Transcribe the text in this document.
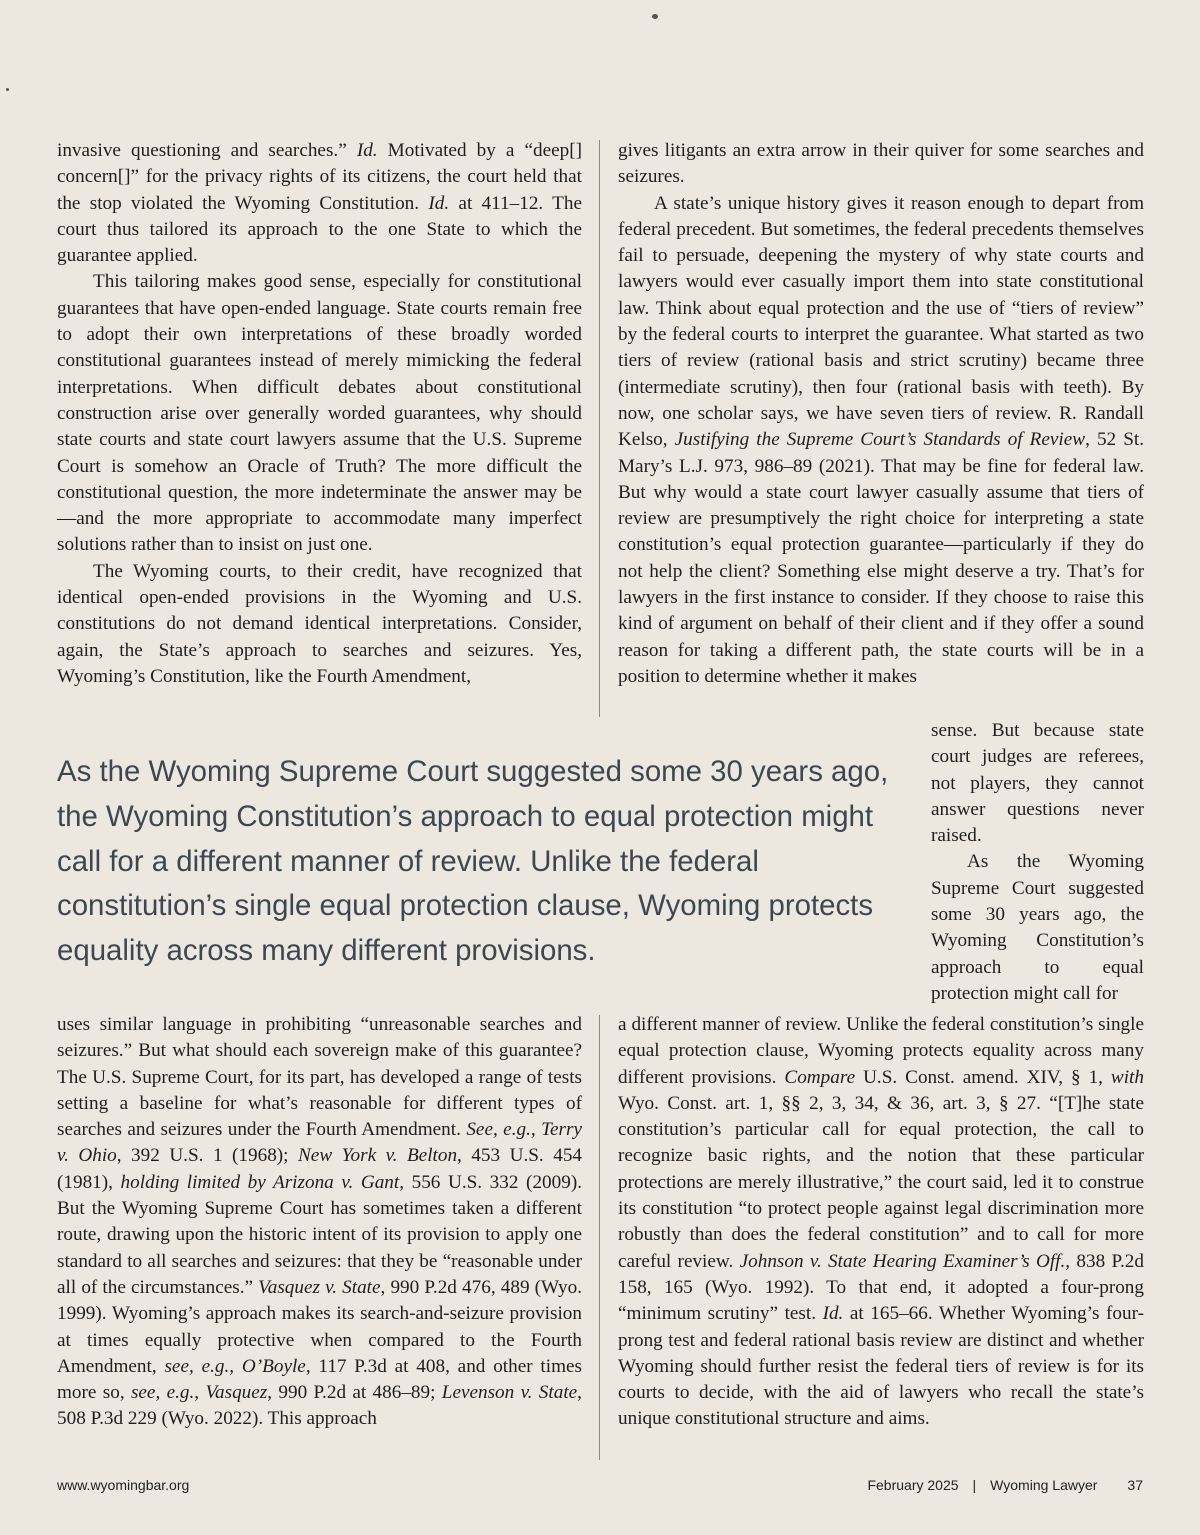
invasive questioning and searches.” Id. Motivated by a “deep[] concern[]” for the privacy rights of its citizens, the court held that the stop violated the Wyoming Constitution. Id. at 411–12. The court thus tailored its approach to the one State to which the guarantee applied.

This tailoring makes good sense, especially for constitutional guarantees that have open-ended language. State courts remain free to adopt their own interpretations of these broadly worded constitutional guarantees instead of merely mimicking the federal interpretations. When difficult debates about constitutional construction arise over generally worded guarantees, why should state courts and state court lawyers assume that the U.S. Supreme Court is somehow an Oracle of Truth? The more difficult the constitutional question, the more indeterminate the answer may be—and the more appropriate to accommodate many imperfect solutions rather than to insist on just one.

The Wyoming courts, to their credit, have recognized that identical open-ended provisions in the Wyoming and U.S. constitutions do not demand identical interpretations. Consider, again, the State’s approach to searches and seizures. Yes, Wyoming’s Constitution, like the Fourth Amendment,

gives litigants an extra arrow in their quiver for some searches and seizures.

A state’s unique history gives it reason enough to depart from federal precedent. But sometimes, the federal precedents themselves fail to persuade, deepening the mystery of why state courts and lawyers would ever casually import them into state constitutional law. Think about equal protection and the use of “tiers of review” by the federal courts to interpret the guarantee. What started as two tiers of review (rational basis and strict scrutiny) became three (intermediate scrutiny), then four (rational basis with teeth). By now, one scholar says, we have seven tiers of review. R. Randall Kelso, Justifying the Supreme Court’s Standards of Review, 52 St. Mary’s L.J. 973, 986–89 (2021). That may be fine for federal law. But why would a state court lawyer casually assume that tiers of review are presumptively the right choice for interpreting a state constitution’s equal protection guarantee—particularly if they do not help the client? Something else might deserve a try. That’s for lawyers in the first instance to consider. If they choose to raise this kind of argument on behalf of their client and if they offer a sound reason for taking a different path, the state courts will be in a position to determine whether it makes

sense. But because state court judges are referees, not players, they cannot answer questions never raised.

As the Wyoming Supreme Court suggested some 30 years ago, the Wyoming Constitution’s approach to equal protection might call for

As the Wyoming Supreme Court suggested some 30 years ago, the Wyoming Constitution’s approach to equal protection might call for a different manner of review. Unlike the federal constitution’s single equal protection clause, Wyoming protects equality across many different provisions.

uses similar language in prohibiting “unreasonable searches and seizures.” But what should each sovereign make of this guarantee? The U.S. Supreme Court, for its part, has developed a range of tests setting a baseline for what’s reasonable for different types of searches and seizures under the Fourth Amendment. See, e.g., Terry v. Ohio, 392 U.S. 1 (1968); New York v. Belton, 453 U.S. 454 (1981), holding limited by Arizona v. Gant, 556 U.S. 332 (2009). But the Wyoming Supreme Court has sometimes taken a different route, drawing upon the historic intent of its provision to apply one standard to all searches and seizures: that they be “reasonable under all of the circumstances.” Vasquez v. State, 990 P.2d 476, 489 (Wyo. 1999). Wyoming’s approach makes its search-and-seizure provision at times equally protective when compared to the Fourth Amendment, see, e.g., O’Boyle, 117 P.3d at 408, and other times more so, see, e.g., Vasquez, 990 P.2d at 486–89; Levenson v. State, 508 P.3d 229 (Wyo. 2022). This approach

a different manner of review. Unlike the federal constitution’s single equal protection clause, Wyoming protects equality across many different provisions. Compare U.S. Const. amend. XIV, § 1, with Wyo. Const. art. 1, §§ 2, 3, 34, & 36, art. 3, § 27. “[T]he state constitution’s particular call for equal protection, the call to recognize basic rights, and the notion that these particular protections are merely illustrative,” the court said, led it to construe its constitution “to protect people against legal discrimination more robustly than does the federal constitution” and to call for more careful review. Johnson v. State Hearing Examiner’s Off., 838 P.2d 158, 165 (Wyo. 1992). To that end, it adopted a four-prong “minimum scrutiny” test. Id. at 165–66. Whether Wyoming’s four-prong test and federal rational basis review are distinct and whether Wyoming should further resist the federal tiers of review is for its courts to decide, with the aid of lawyers who recall the state’s unique constitutional structure and aims.

www.wyomingbar.org	February 2025 | Wyoming Lawyer 37
